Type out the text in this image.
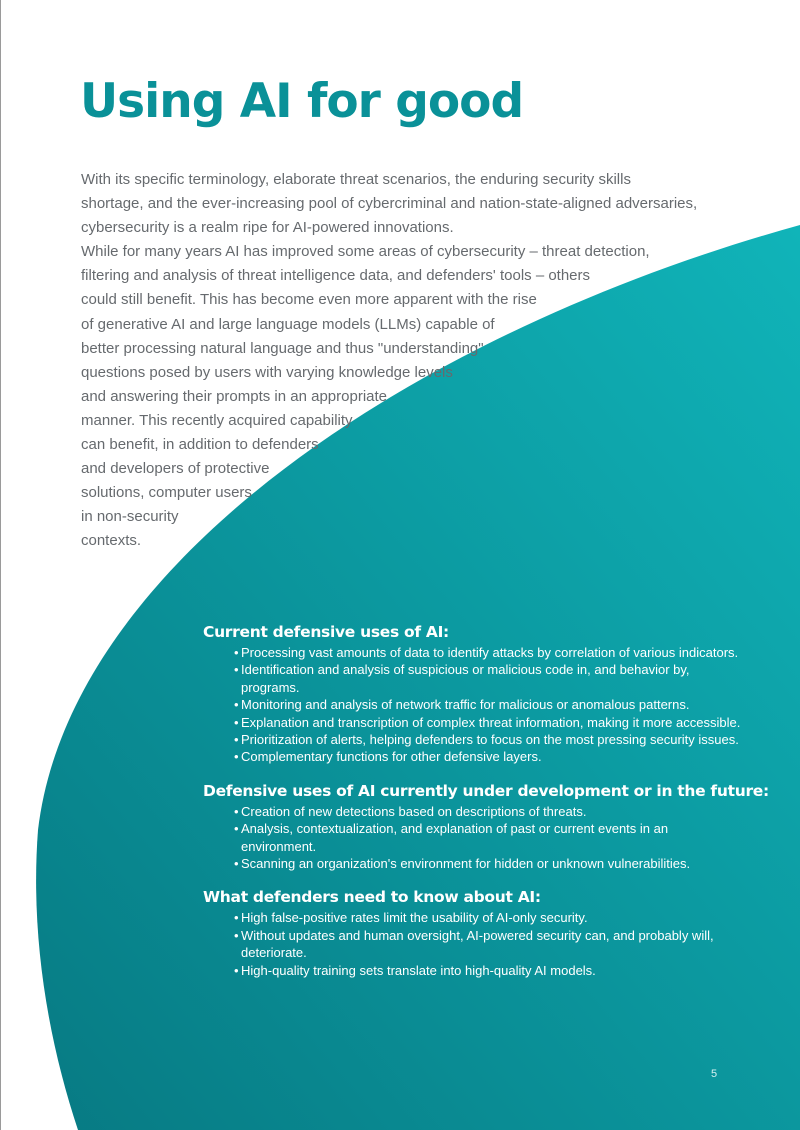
Using AI for good

With its specific terminology, elaborate threat scenarios, the enduring security skills
shortage, and the ever-increasing pool of cybercriminal and nation-state-aligned adversaries,
cybersecurity is a realm ripe for AI-powered innovations.

While for many years AI has improved some areas of cybersecurity – threat detection,
filtering and analysis of threat intelligence data, and defenders' tools – others
could still benefit. This has become even more apparent with the rise
of generative AI and large language models (LLMs) capable of
better processing natural language and thus "understanding"
questions posed by users with varying knowledge levels
and answering their prompts in an appropriate
manner. This recently acquired capability
can benefit, in addition to defenders
and developers of protective
solutions, computer users
in non-security
contexts.

Current defensive uses of AI:
• Processing vast amounts of data to identify attacks by correlation of various indicators.
• Identification and analysis of suspicious or malicious code in, and behavior by, programs.
• Monitoring and analysis of network traffic for malicious or anomalous patterns.
• Explanation and transcription of complex threat information, making it more accessible.
• Prioritization of alerts, helping defenders to focus on the most pressing security issues.
• Complementary functions for other defensive layers.
Defensive uses of AI currently under development or in the future:
• Creation of new detections based on descriptions of threats.
• Analysis, contextualization, and explanation of past or current events in an environment.
• Scanning an organization's environment for hidden or unknown vulnerabilities.
What defenders need to know about AI:
• High false-positive rates limit the usability of AI-only security.
• Without updates and human oversight, AI-powered security can, and probably will, deteriorate.
• High-quality training sets translate into high-quality AI models.
5
